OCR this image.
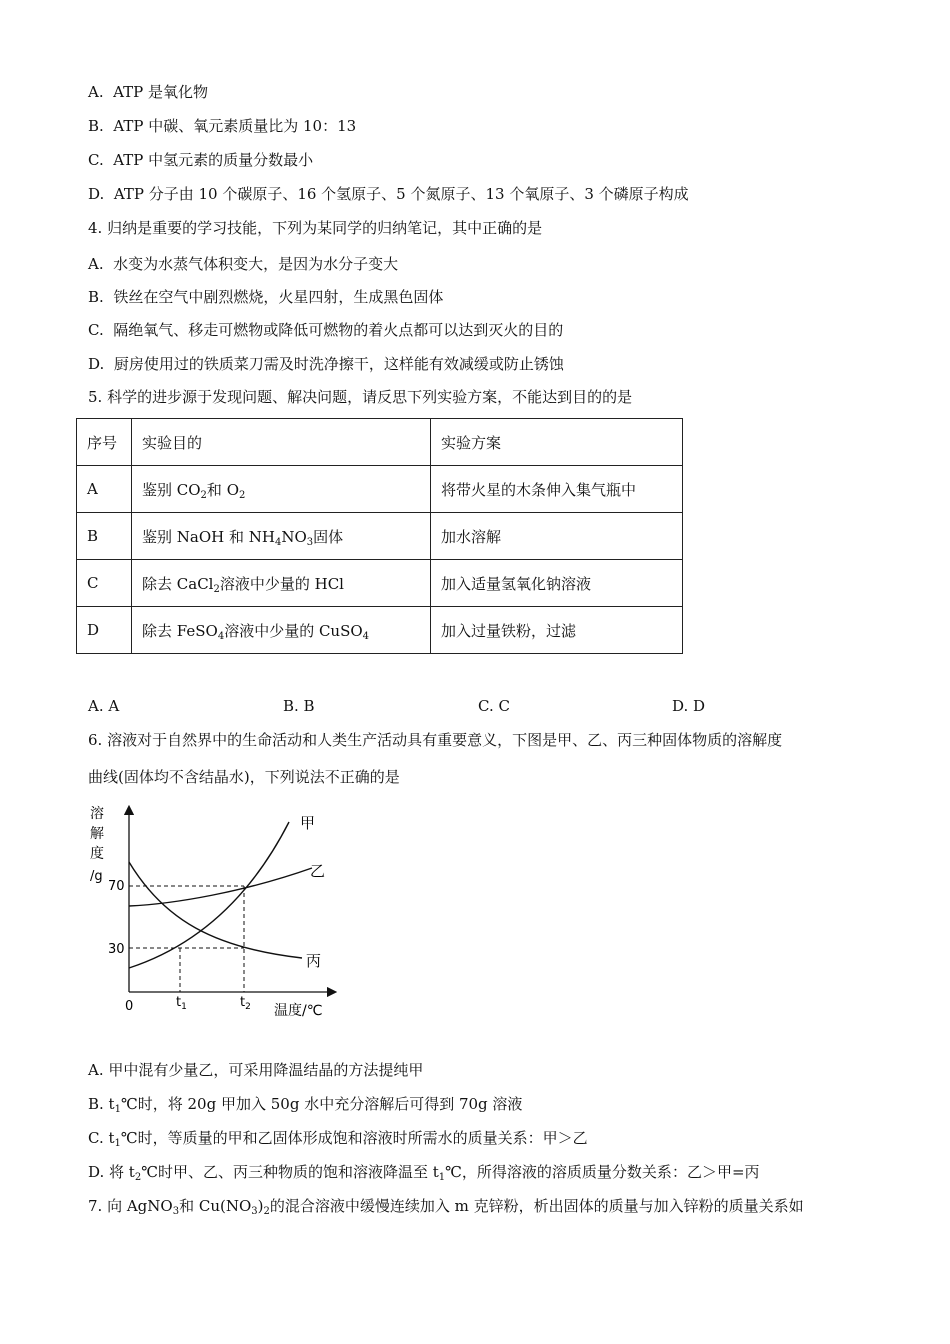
A. ATP 是氧化物
B. ATP 中碳、氧元素质量比为 10：13
C. ATP 中氢元素的质量分数最小
D. ATP 分子由 10 个碳原子、16 个氢原子、5 个氮原子、13 个氧原子、3 个磷原子构成
4. 归纳是重要的学习技能，下列为某同学的归纳笔记，其中正确的是
A. 水变为水蒸气体积变大，是因为水分子变大
B. 铁丝在空气中剧烈燃烧，火星四射，生成黑色固体
C. 隔绝氧气、移走可燃物或降低可燃物的着火点都可以达到灭火的目的
D. 厨房使用过的铁质菜刀需及时洗净擦干，这样能有效减缓或防止锈蚀
5. 科学的进步源于发现问题、解决问题，请反思下列实验方案，不能达到目的的是
序号	实验目的	实验方案
A	鉴别 $CO_2$和 $O_2$	将带火星的木条伸入集气瓶中
B	鉴别 NaOH 和 $NH_4NO_3$固体	加水溶解
C	除去 CaCl$_2$溶液中少量的 HCl	加入适量氢氧化钠溶液
D	除去 FeSO$_4$溶液中少量的 CuSO$_4$	加入过量铁粉，过滤
A. A	B. B	C. C	D. D
6. 溶液对于自然界中的生命活动和人类生产活动具有重要意义，下图是甲、乙、丙三种固体物质的溶解度
曲线(固体均不含结晶水)，下列说法不正确的是
溶
解
度
/g
70
30
甲
乙
丙
0	$t_1$	$t_2$ 温度/℃
A. 甲中混有少量乙，可采用降温结晶的方法提纯甲
B. $t_1℃$时，将 20g 甲加入 50g 水中充分溶解后可得到 70g 溶液
C. $t_1℃$时，等质量的甲和乙固体形成饱和溶液时所需水的质量关系：甲＞乙
D. 将 $t_2℃$时甲、乙、丙三种物质的饱和溶液降温至 $t_1℃$，所得溶液的溶质质量分数关系：乙＞甲=丙
7. 向 AgNO$_3$和 $Cu(NO_3)_2$的混合溶液中缓慢连续加入 m 克锌粉，析出固体的质量与加入锌粉的质量关系如
